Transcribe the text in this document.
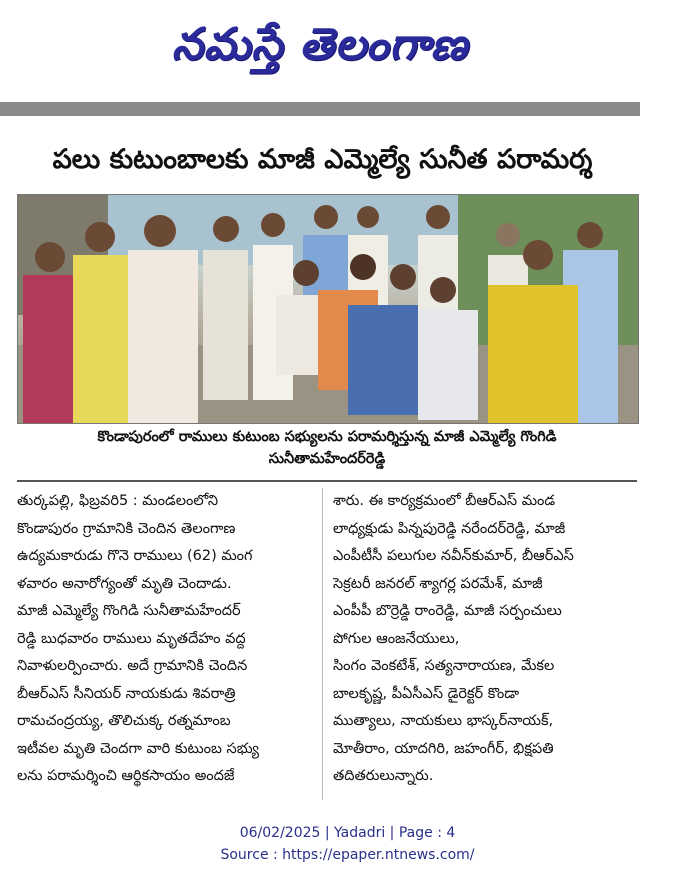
నమస్తే తెలంగాణ
పలు కుటుంబాలకు మాజీ ఎమ్మెల్యే సునీత పరామర్శ
కొండాపురంలో రాములు కుటుంబ సభ్యులను పరామర్శిస్తున్న మాజీ ఎమ్మెల్యే గొంగిడి
సునీతామహేందర్‌రెడ్డి
తుర్కపల్లి, ఫిబ్రవరి5 : మండలంలోని
కొండాపురం గ్రామానికి చెందిన తెలంగాణ
ఉద్యమకారుడు గొనె రాములు (62) మంగ
ళవారం అనారోగ్యంతో మృతి చెందాడు.
మాజీ ఎమ్మెల్యే గొంగిడి సునీతామహేందర్
రెడ్డి బుధవారం రాములు మృతదేహం వద్ద
నివాళులర్పించారు. అదే గ్రామానికి చెందిన
బీఆర్‌ఎస్ సీనియర్ నాయకుడు శివరాత్రి
రామచంద్రయ్య, తొలిచుక్క రత్నమాంబ
ఇటీవల మృతి చెందగా వారి కుటుంబ సభ్యు
లను పరామర్శించి ఆర్థికసాయం అందజే
శారు. ఈ కార్యక్రమంలో బీఆర్‌ఎస్ మండ
లాధ్యక్షుడు పిన్నపురెడ్డి నరేందర్‌రెడ్డి, మాజీ
ఎంపీటీసీ పలుగుల నవీన్‌కుమార్, బీఆర్‌ఎస్
సెక్రటరీ జనరల్ శ్యాగర్ల పరమేశ్, మాజీ
ఎంపీపీ బొర్రెడ్డి రాంరెడ్డి, మాజీ సర్పంచులు
పోగుల ఆంజనేయులు,
సింగం వెంకటేశ్, సత్యనారాయణ, మేకల
బాలకృష్ణ, పీఏసీఎస్ డైరెక్టర్ కొండా
ముత్యాలు, నాయకులు భాస్కర్‌నాయక్,
మోతీరాం, యాదగిరి, జహంగీర్, భిక్షపతి
తదితరులున్నారు.
06/02/2025 | Yadadri | Page : 4
Source : https://epaper.ntnews.com/
